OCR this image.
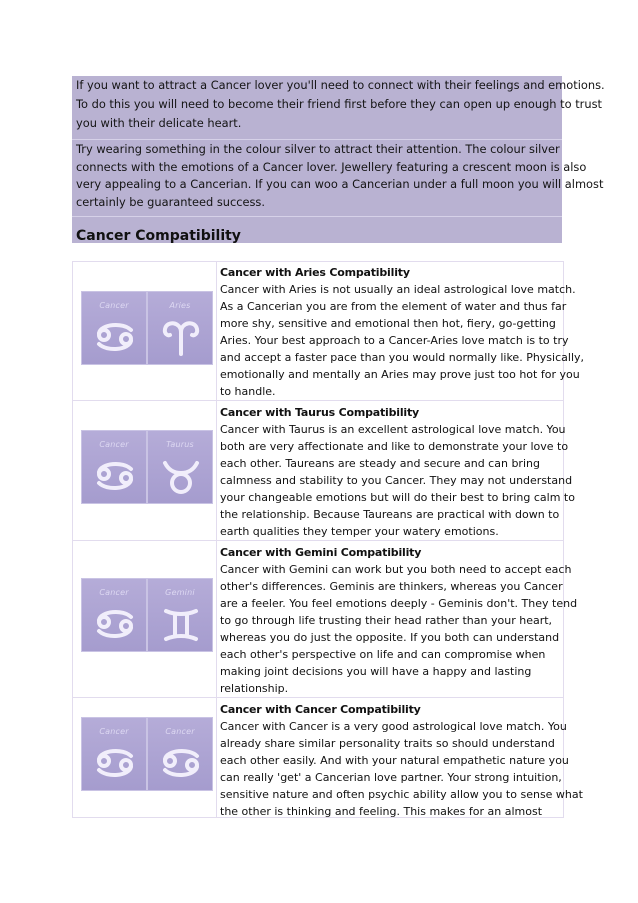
If you want to attract a Cancer lover you'll need to connect with their feelings and emotions.
To do this you will need to become their friend first before they can open up enough to trust
you with their delicate heart.
Try wearing something in the colour silver to attract their attention. The colour silver
connects with the emotions of a Cancer lover. Jewellery featuring a crescent moon is also
very appealing to a Cancerian. If you can woo a Cancerian under a full moon you will almost
certainly be guaranteed success.
Cancer Compatibility
Cancer	Aries
Cancer with Aries Compatibility
Cancer with Aries is not usually an ideal astrological love match.
As a Cancerian you are from the element of water and thus far
more shy, sensitive and emotional then hot, fiery, go-getting
Aries. Your best approach to a Cancer-Aries love match is to try
and accept a faster pace than you would normally like. Physically,
emotionally and mentally an Aries may prove just too hot for you
to handle.
Cancer	Taurus
Cancer with Taurus Compatibility
Cancer with Taurus is an excellent astrological love match. You
both are very affectionate and like to demonstrate your love to
each other. Taureans are steady and secure and can bring
calmness and stability to you Cancer. They may not understand
your changeable emotions but will do their best to bring calm to
the relationship. Because Taureans are practical with down to
earth qualities they temper your watery emotions.
Cancer	Gemini
Cancer with Gemini Compatibility
Cancer with Gemini can work but you both need to accept each
other's differences. Geminis are thinkers, whereas you Cancer
are a feeler. You feel emotions deeply - Geminis don't. They tend
to go through life trusting their head rather than your heart,
whereas you do just the opposite. If you both can understand
each other's perspective on life and can compromise when
making joint decisions you will have a happy and lasting
relationship.
Cancer	Cancer
Cancer with Cancer Compatibility
Cancer with Cancer is a very good astrological love match. You
already share similar personality traits so should understand
each other easily. And with your natural empathetic nature you
can really 'get' a Cancerian love partner. Your strong intuition,
sensitive nature and often psychic ability allow you to sense what
the other is thinking and feeling. This makes for an almost
